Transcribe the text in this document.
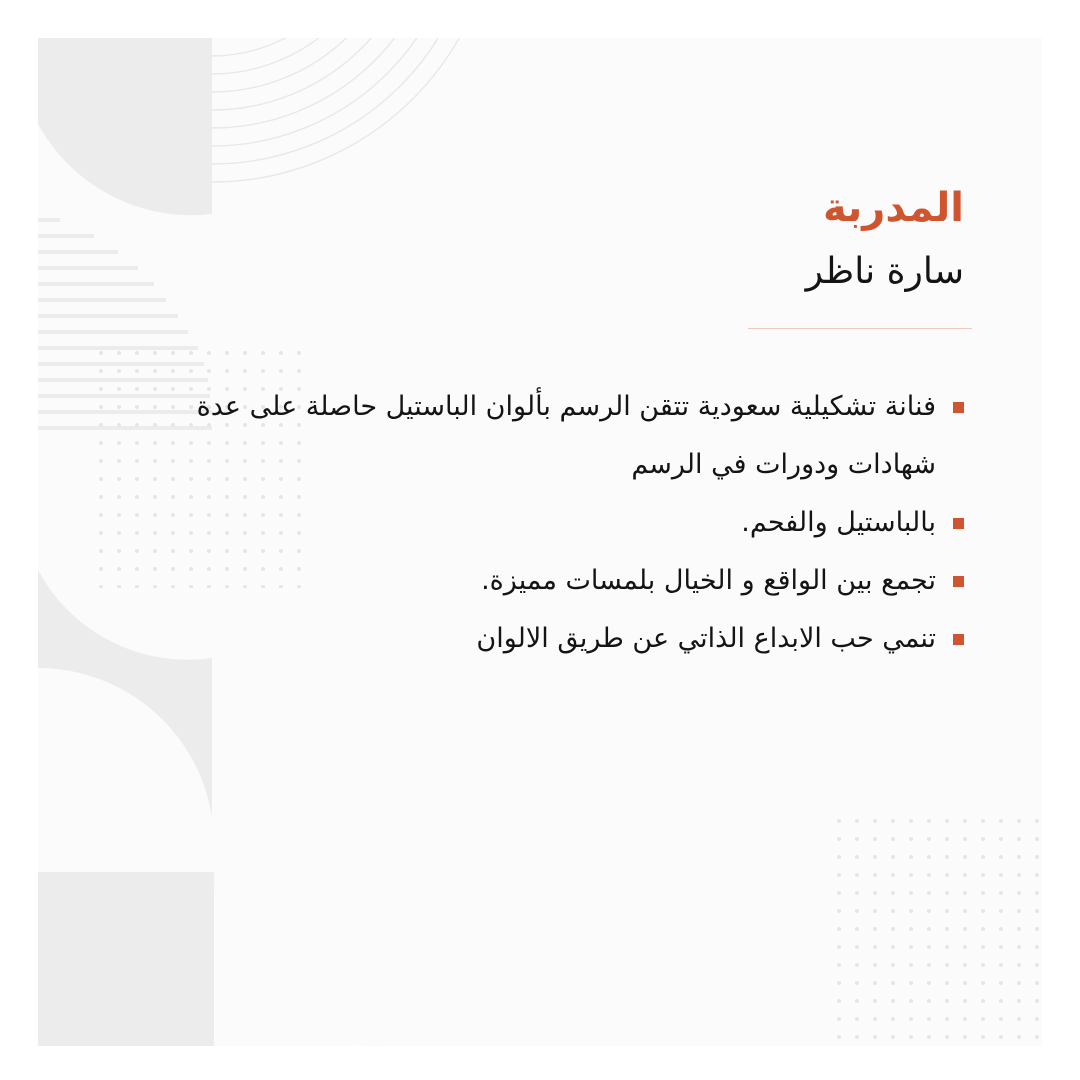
المدربة
سارة ناظر
فنانة تشكيلية سعودية تتقن الرسم بألوان الباستيل حاصلة على عدة شهادات ودورات في الرسم
بالباستيل والفحم.
تجمع بين الواقع و الخيال بلمسات مميزة.
تنمي حب الابداع الذاتي عن طريق الالوان
